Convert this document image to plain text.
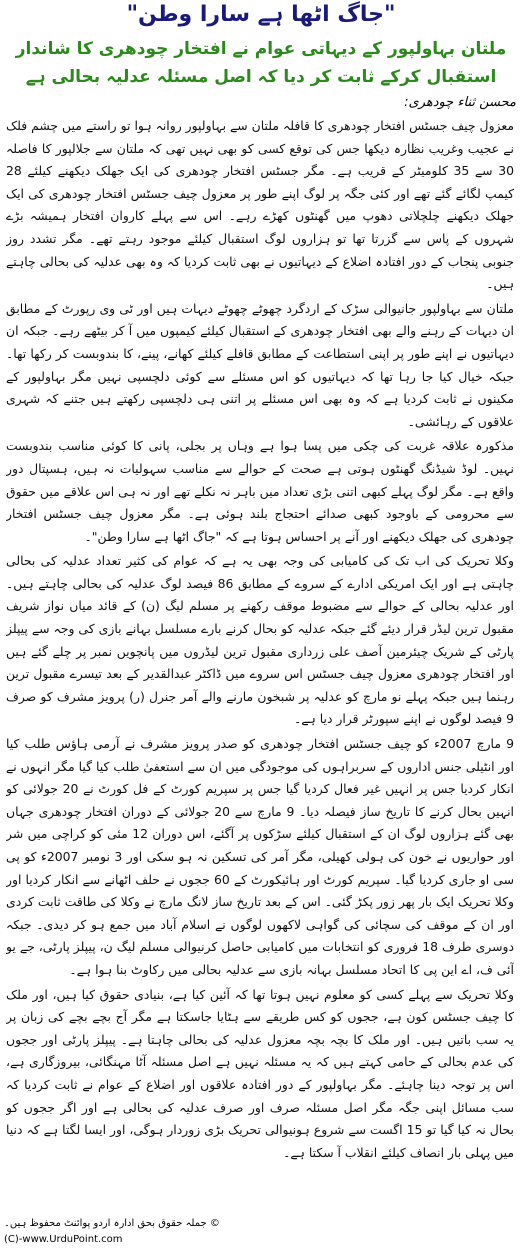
"جاگ اٹھا ہے سارا وطن"
ملتان بہاولپور کے دیہاتی عوام نے افتخار چودھری کا شاندار
استقبال کرکے ثابت کر دیا کہ اصل مسئلہ عدلیہ بحالی ہے
محسن ثناء چودھری:

معزول چیف جسٹس افتخار چودھری کا قافلہ ملتان سے بہاولپور روانہ ہوا تو راستے میں چشم فلک نے عجیب وغریب نظارہ دیکھا جس کی توقع کسی کو بھی نہیں تھی کہ ملتان سے جلالپور کا فاصلہ 30 سے 35 کلومیٹر کے قریب ہے۔ مگر جسٹس افتخار چودھری کی ایک جھلک دیکھنے کیلئے 28 کیمپ لگائے گئے تھے اور کئی جگہ پر لوگ اپنے طور پر معزول چیف جسٹس افتخار چودھری کی ایک جھلک دیکھنے چلچلاتی دھوپ میں گھنٹوں کھڑے رہے۔ اس سے پہلے کاروان افتخار ہمیشہ بڑے شہروں کے پاس سے گزرتا تھا تو ہزاروں لوگ استقبال کیلئے موجود رہتے تھے۔ مگر تشدد روز جنوبی پنجاب کے دور افتادہ اضلاع کے دیہاتیوں نے بھی ثابت کردیا کہ وہ بھی عدلیہ کی بحالی چاہتے ہیں۔

ملتان سے بہاولپور جانیوالی سڑک کے اردگرد چھوٹے چھوٹے دیہات ہیں اور ٹی وی رپورٹ کے مطابق ان دیہات کے رہنے والے بھی افتخار چودھری کے استقبال کیلئے کیمپوں میں آ کر بیٹھے رہے۔ جبکہ ان دیہاتیوں نے اپنے طور پر اپنی استطاعت کے مطابق قافلے کیلئے کھانے، پینے، کا بندوبست کر رکھا تھا۔ جبکہ خیال کیا جا رہا تھا کہ دیہاتیوں کو اس مسئلے سے کوئی دلچسپی نہیں مگر بہاولپور کے مکینوں نے ثابت کردیا ہے کہ وہ بھی اس مسئلے پر اتنی ہی دلچسپی رکھتے ہیں جتنے کہ شہری علاقوں کے رہائشی۔

مذکورہ علاقہ غربت کی چکی میں پسا ہوا ہے وہاں پر بجلی، پانی کا کوئی مناسب بندوبست نہیں۔ لوڈ شیڈنگ گھنٹوں ہوتی ہے صحت کے حوالے سے مناسب سہولیات نہ ہیں، ہسپتال دور واقع ہے۔ مگر لوگ پہلے کبھی اتنی بڑی تعداد میں باہر نہ نکلے تھے اور نہ ہی اس علاقے میں حقوق سے محرومی کے باوجود کبھی صدائے احتجاج بلند ہوئی ہے۔ مگر معزول چیف جسٹس افتخار چودھری کی جھلک دیکھنے اور آنے پر احساس ہوتا ہے کہ "جاگ اٹھا ہے سارا وطن"۔

وکلا تحریک کی اب تک کی کامیابی کی وجہ بھی یہ ہے کہ عوام کی کثیر تعداد عدلیہ کی بحالی چاہتی ہے اور ایک امریکی ادارے کے سروے کے مطابق 86 فیصد لوگ عدلیہ کی بحالی چاہتے ہیں۔ اور عدلیہ بحالی کے حوالے سے مضبوط موقف رکھنے پر مسلم لیگ (ن) کے قائد میاں نواز شریف مقبول ترین لیڈر قرار دیئے گئے جبکہ عدلیہ کو بحال کرنے بارے مسلسل بہانے بازی کی وجہ سے پیپلز پارٹی کے شریک چیئرمین آصف علی زرداری مقبول ترین لیڈروں میں پانچویں نمبر پر چلے گئے ہیں اور افتخار چودھری معزول چیف جسٹس اس سروے میں ڈاکٹر عبدالقدیر کے بعد تیسرے مقبول ترین رہنما ہیں جبکہ پہلے نو مارچ کو عدلیہ پر شبخون مارنے والے آمر جنرل (ر) پرویز مشرف کو صرف 9 فیصد لوگوں نے اپنے سپورٹر قرار دیا ہے۔

9 مارچ 2007ء کو چیف جسٹس افتخار چودھری کو صدر پرویز مشرف نے آرمی ہاؤس طلب کیا اور انٹیلی جنس اداروں کے سربراہوں کی موجودگی میں ان سے استعفیٰ طلب کیا گیا مگر انہوں نے انکار کردیا جس پر انہیں غیر فعال کردیا گیا جس پر سپریم کورٹ کے فل کورٹ نے 20 جولائی کو انہیں بحال کرنے کا تاریخ ساز فیصلہ دیا۔ 9 مارچ سے 20 جولائی کے دوران افتخار چودھری جہاں بھی گئے ہزاروں لوگ ان کے استقبال کیلئے سڑکوں پر آگئے، اس دوران 12 مئی کو کراچی میں شر اور حواریوں نے خون کی ہولی کھیلی، مگر آمر کی تسکین نہ ہو سکی اور 3 نومبر 2007ء کو پی سی او جاری کردیا گیا۔ سپریم کورٹ اور ہائیکورٹ کے 60 ججوں نے حلف اٹھانے سے انکار کردیا اور وکلا تحریک ایک بار پھر زور پکڑ گئی۔ اس کے بعد تاریخ ساز لانگ مارچ نے وکلا کی طاقت ثابت کردی اور ان کے موقف کی سچائی کی گواہی لاکھوں لوگوں نے اسلام آباد میں جمع ہو کر دیدی۔ جبکہ دوسری طرف 18 فروری کو انتخابات میں کامیابی حاصل کرنیوالی مسلم لیگ ن، پیپلز پارٹی، جے یو آئی ف، اے این پی کا اتحاد مسلسل بہانہ بازی سے عدلیہ بحالی میں رکاوٹ بنا ہوا ہے۔

وکلا تحریک سے پہلے کسی کو معلوم نہیں ہوتا تھا کہ آئین کیا ہے، بنیادی حقوق کیا ہیں، اور ملک کا چیف جسٹس کون ہے، ججوں کو کس طریقے سے ہٹایا جاسکتا ہے مگر آج بچے بچے کی زبان پر یہ سب باتیں ہیں۔ اور ملک کا بچہ بچہ معزول عدلیہ کی بحالی چاہتا ہے۔ پیپلز پارٹی اور ججوں کی عدم بحالی کے حامی کہتے ہیں کہ یہ مسئلہ نہیں ہے اصل مسئلہ آٹا مہنگائی، بیروزگاری ہے، اس پر توجہ دینا چاہئے۔ مگر بہاولپور کے دور افتادہ علاقوں اور اضلاع کے عوام نے ثابت کردیا کہ سب مسائل اپنی جگہ مگر اصل مسئلہ صرف اور صرف عدلیہ کی بحالی ہے اور اگر ججوں کو بحال نہ کیا گیا تو 15 اگست سے شروع ہونیوالی تحریک بڑی زوردار ہوگی، اور ایسا لگتا ہے کہ دنیا میں پہلی بار انصاف کیلئے انقلاب آ سکتا ہے۔

© جملہ حقوق بحق ادارہ اردو پوائنٹ محفوظ ہیں۔
(C)-www.UrduPoint.com
